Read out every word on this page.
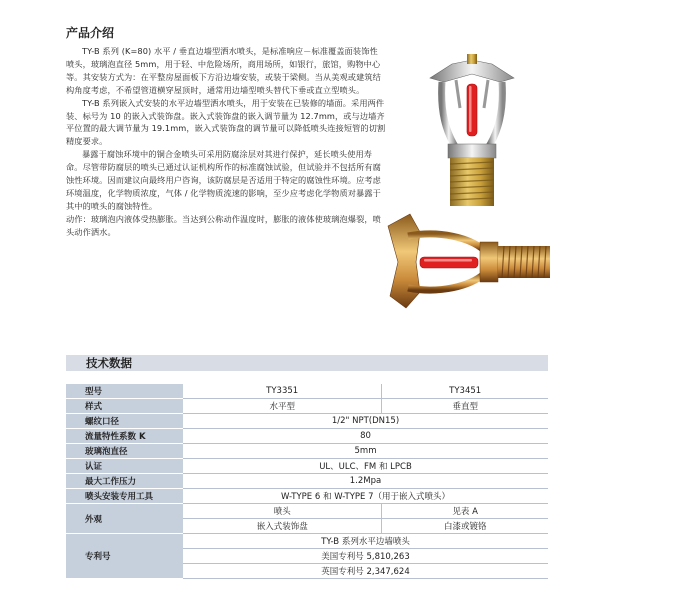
产品介绍

TY-B 系列 (K=80) 水平 / 垂直边墙型洒水喷头，是标准响应－标准覆盖面装饰性喷头，玻璃泡直径 5mm，用于轻、中危险场所，商用场所，如银行，旅馆，购物中心等。其安装方式为：在平整房屋面板下方沿边墙安装，或装于梁侧。当从美观或建筑结构角度考虑，不希望管道横穿屋顶时，通常用边墙型喷头替代下垂或直立型喷头。

TY-B 系列嵌入式安装的水平边墙型洒水喷头，用于安装在已装修的墙面。采用两件装、标号为 10 的嵌入式装饰盘。嵌入式装饰盘的嵌入调节量为 12.7mm，或与边墙齐平位置的最大调节量为 19.1mm，嵌入式装饰盘的调节量可以降低喷头连接短管的切割精度要求。

暴露于腐蚀环境中的铜合金喷头可采用防腐涂层对其进行保护，延长喷头使用寿命。尽管带防腐层的喷头已通过认证机构所作的标准腐蚀试验，但试验并不包括所有腐蚀性环境。因而建议向最终用户咨询，该防腐层是否适用于特定的腐蚀性环境。应考虑环境温度，化学物质浓度，气体 / 化学物质流速的影响，至少应考虑化学物质对暴露于其中的喷头的腐蚀特性。

动作：玻璃泡内液体受热膨胀。当达到公称动作温度时，膨胀的液体使玻璃泡爆裂，喷头动作洒水。

技术数据
型号	TY3351	TY3451
样式	水平型	垂直型
螺纹口径	1/2" NPT(DN15)	
流量特性系数 K	80	
玻璃泡直径	5mm	
认证	UL、ULC、FM 和 LPCB	
最大工作压力	1.2Mpa	
喷头安装专用工具	W-TYPE 6 和 W-TYPE 7（用于嵌入式喷头）	
外观	喷头	见表 A
	嵌入式装饰盘	白漆或镀铬
专利号	TY-B 系列水平边墙喷头	
	美国专利号 5,810,263	
	英国专利号 2,347,624	
